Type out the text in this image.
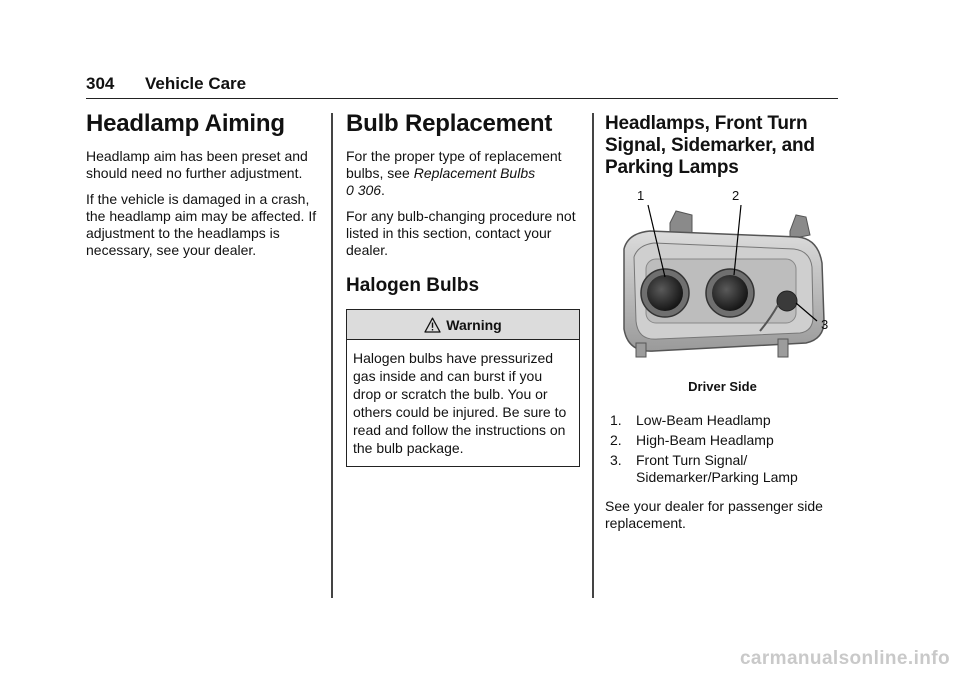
304 Vehicle Care
Headlamp Aiming

Headlamp aim has been preset and should need no further adjustment.

If the vehicle is damaged in a crash, the headlamp aim may be affected. If adjustment to the headlamps is necessary, see your dealer.

Bulb Replacement

For the proper type of replacement bulbs, see Replacement Bulbs
0 306.

For any bulb-changing procedure not listed in this section, contact your dealer.

Halogen Bulbs
Warning

Halogen bulbs have pressurized gas inside and can burst if you drop or scratch the bulb. You or others could be injured. Be sure to read and follow the instructions on the bulb package.

Headlamps, Front Turn
Signal, Sidemarker, and
Parking Lamps
1	2
3
Driver Side
1.	Low-Beam Headlamp
2.	High-Beam Headlamp
3.	Front Turn Signal/ Sidemarker/Parking Lamp

See your dealer for passenger side replacement.

carmanualsonline.info
